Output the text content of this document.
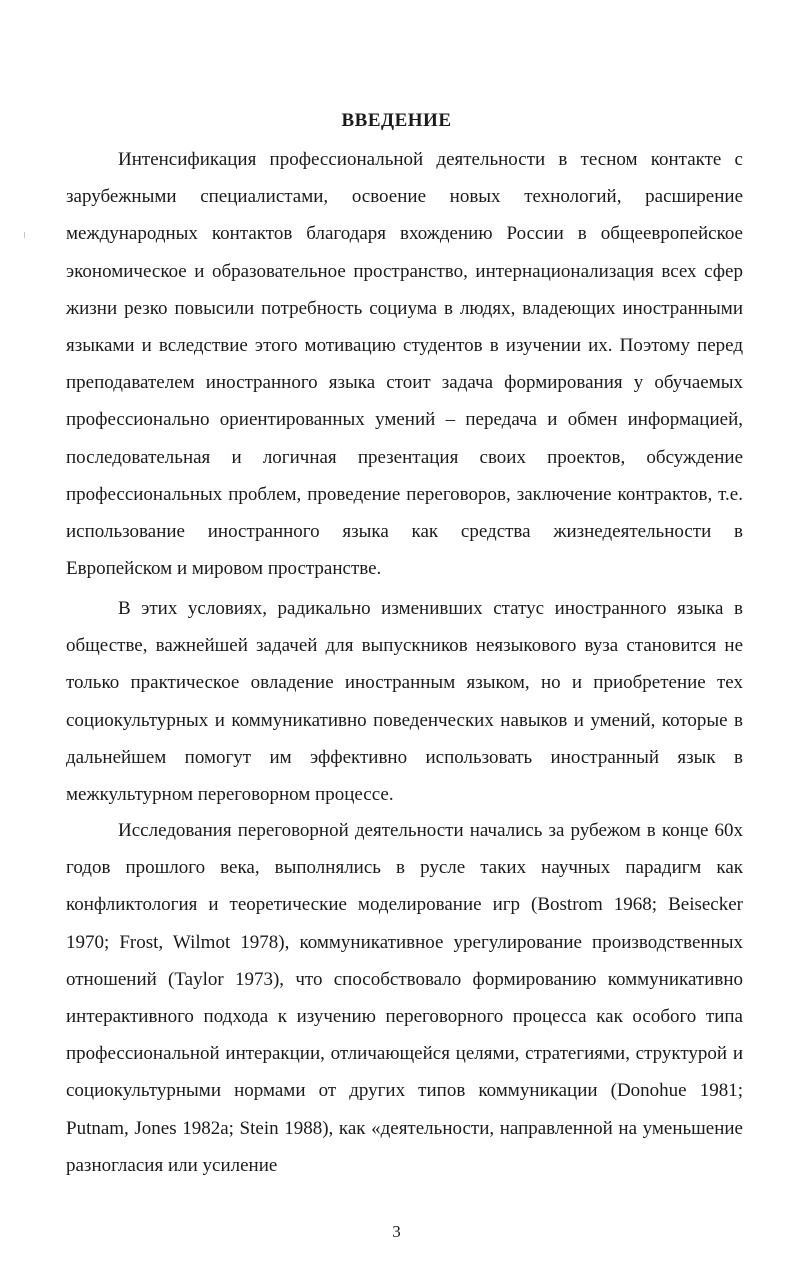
ВВЕДЕНИЕ

Интенсификация профессиональной деятельности в тесном контакте с зарубежными специалистами, освоение новых технологий, расширение международных контактов благодаря вхождению России в общеевропейское экономическое и образовательное пространство, интернационализация всех сфер жизни резко повысили потребность социума в людях, владеющих иностранными языками и вследствие этого мотивацию студентов в изучении их. Поэтому перед преподавателем иностранного языка стоит задача формирования у обучаемых профессионально ориентированных умений – передача и обмен информацией, последовательная и логичная презентация своих проектов, обсуждение профессиональных проблем, проведение переговоров, заключение контрактов, т.е. использование иностранного языка как средства жизнедеятельности в Европейском и мировом пространстве.

В этих условиях, радикально изменивших статус иностранного языка в обществе, важнейшей задачей для выпускников неязыкового вуза становится не только практическое овладение иностранным языком, но и приобретение тех социокультурных и коммуникативно поведенческих навыков и умений, которые в дальнейшем помогут им эффективно использовать иностранный язык в межкультурном переговорном процессе.

Исследования переговорной деятельности начались за рубежом в конце 60х годов прошлого века, выполнялись в русле таких научных парадигм как конфликтология и теоретические моделирование игр (Bostrom 1968; Beisecker 1970; Frost, Wilmot 1978), коммуникативное урегулирование производственных отношений (Taylor 1973), что способствовало формированию коммуникативно интерактивного подхода к изучению переговорного процесса как особого типа профессиональной интеракции, отличающейся целями, стратегиями, структурой и социокультурными нормами от других типов коммуникации (Donohue 1981; Putnam, Jones 1982a; Stein 1988), как «деятельности, направленной на уменьшение разногласия или усиление

3
